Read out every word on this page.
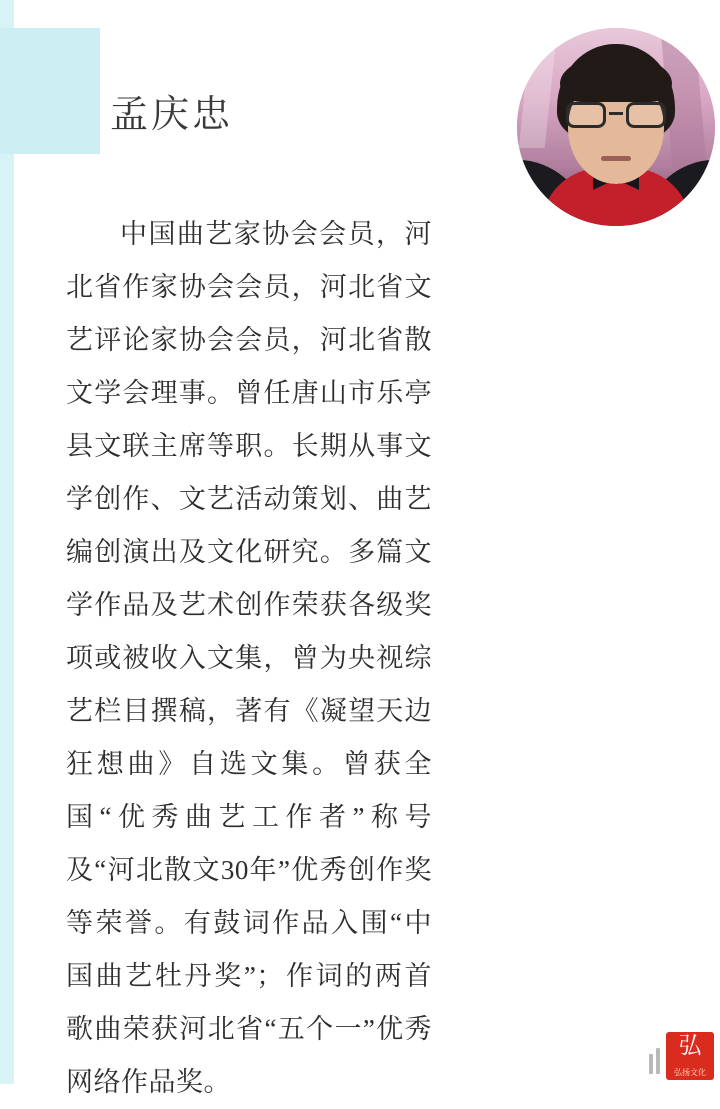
孟庆忠
中国曲艺家协会会员，河北省作家协会会员，河北省文艺评论家协会会员，河北省散文学会理事。曾任唐山市乐亭县文联主席等职。长期从事文学创作、文艺活动策划、曲艺编创演出及文化研究。多篇文学作品及艺术创作荣获各级奖项或被收入文集，曾为央视综艺栏目撰稿，著有《凝望天边狂想曲》自选文集。曾获全国“优秀曲艺工作者”称号及“河北散文30年”优秀创作奖等荣誉。有鼓词作品入围“中国曲艺牡丹奖”；作词的两首歌曲荣获河北省“五个一”优秀网络作品奖。
弘
弘扬文化
